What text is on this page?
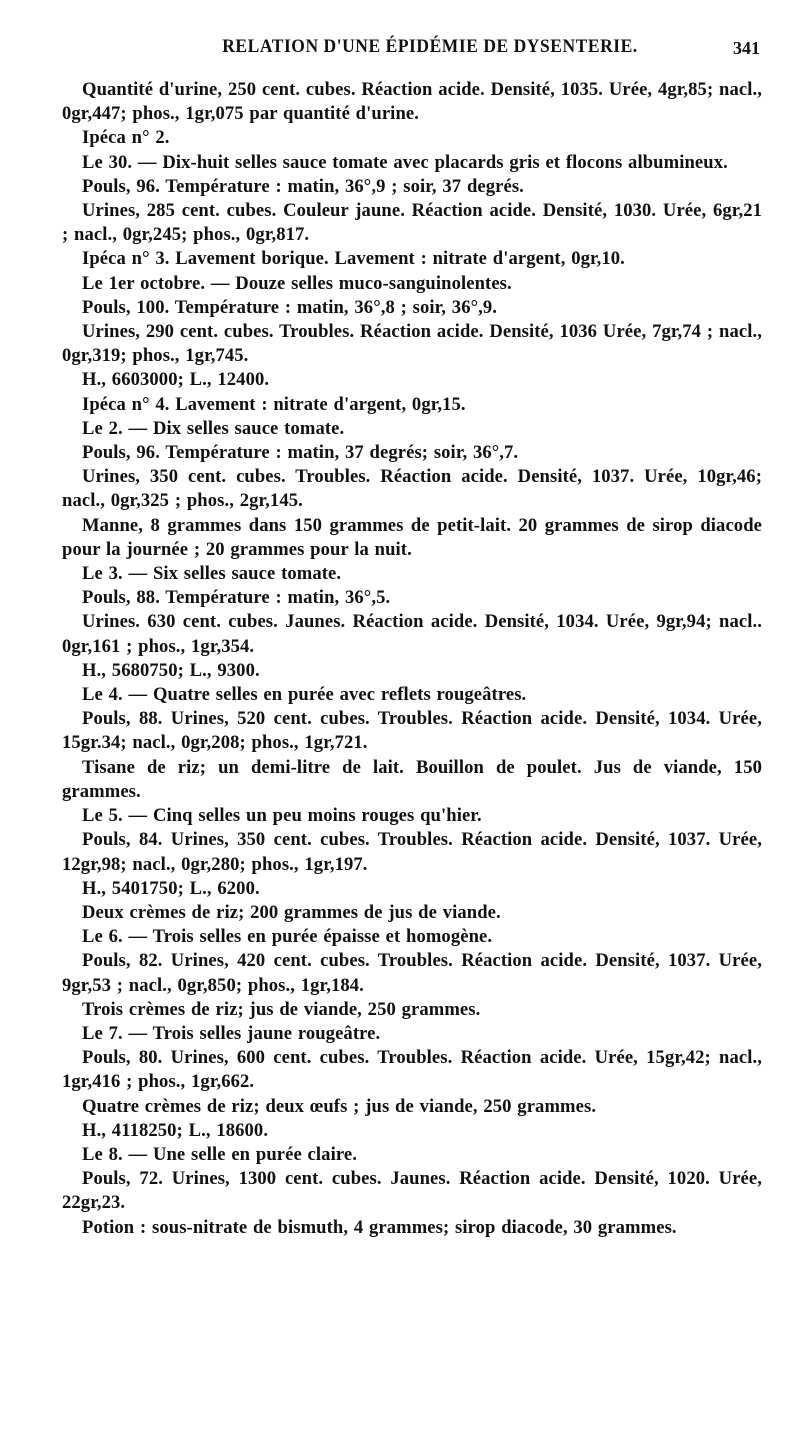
RELATION D'UNE ÉPIDÉMIE DE DYSENTERIE.	341

Quantité d'urine, 250 cent. cubes. Réaction acide. Densité, 1035. Urée, 4gr,85; nacl., 0gr,447; phos., 1gr,075 par quantité d'urine.

Ipéca n° 2.

Le 30. — Dix-huit selles sauce tomate avec placards gris et flocons albumineux.

Pouls, 96. Température : matin, 36°,9 ; soir, 37 degrés.

Urines, 285 cent. cubes. Couleur jaune. Réaction acide. Densité, 1030. Urée, 6gr,21 ; nacl., 0gr,245; phos., 0gr,817.

Ipéca n° 3. Lavement borique. Lavement : nitrate d'argent, 0gr,10.

Le 1er octobre. — Douze selles muco-sanguinolentes.

Pouls, 100. Température : matin, 36°,8 ; soir, 36°,9.

Urines, 290 cent. cubes. Troubles. Réaction acide. Densité, 1036 Urée, 7gr,74 ; nacl., 0gr,319; phos., 1gr,745.

H., 6603000; L., 12400.

Ipéca n° 4. Lavement : nitrate d'argent, 0gr,15.

Le 2. — Dix selles sauce tomate.

Pouls, 96. Température : matin, 37 degrés; soir, 36°,7.

Urines, 350 cent. cubes. Troubles. Réaction acide. Densité, 1037. Urée, 10gr,46; nacl., 0gr,325 ; phos., 2gr,145.

Manne, 8 grammes dans 150 grammes de petit-lait. 20 grammes de sirop diacode pour la journée ; 20 grammes pour la nuit.

Le 3. — Six selles sauce tomate.

Pouls, 88. Température : matin, 36°,5.

Urines. 630 cent. cubes. Jaunes. Réaction acide. Densité, 1034. Urée, 9gr,94; nacl.. 0gr,161 ; phos., 1gr,354.

H., 5680750; L., 9300.

Le 4. — Quatre selles en purée avec reflets rougeâtres.

Pouls, 88. Urines, 520 cent. cubes. Troubles. Réaction acide. Densité, 1034. Urée, 15gr.34; nacl., 0gr,208; phos., 1gr,721.

Tisane de riz; un demi-litre de lait. Bouillon de poulet. Jus de viande, 150 grammes.

Le 5. — Cinq selles un peu moins rouges qu'hier.

Pouls, 84. Urines, 350 cent. cubes. Troubles. Réaction acide. Densité, 1037. Urée, 12gr,98; nacl., 0gr,280; phos., 1gr,197.

H., 5401750; L., 6200.

Deux crèmes de riz; 200 grammes de jus de viande.

Le 6. — Trois selles en purée épaisse et homogène.

Pouls, 82. Urines, 420 cent. cubes. Troubles. Réaction acide. Densité, 1037. Urée, 9gr,53 ; nacl., 0gr,850; phos., 1gr,184.

Trois crèmes de riz; jus de viande, 250 grammes.

Le 7. — Trois selles jaune rougeâtre.

Pouls, 80. Urines, 600 cent. cubes. Troubles. Réaction acide. Urée, 15gr,42; nacl., 1gr,416 ; phos., 1gr,662.

Quatre crèmes de riz; deux œufs ; jus de viande, 250 grammes.

H., 4118250; L., 18600.

Le 8. — Une selle en purée claire.

Pouls, 72. Urines, 1300 cent. cubes. Jaunes. Réaction acide. Densité, 1020. Urée, 22gr,23.

Potion : sous-nitrate de bismuth, 4 grammes; sirop diacode, 30 grammes.
